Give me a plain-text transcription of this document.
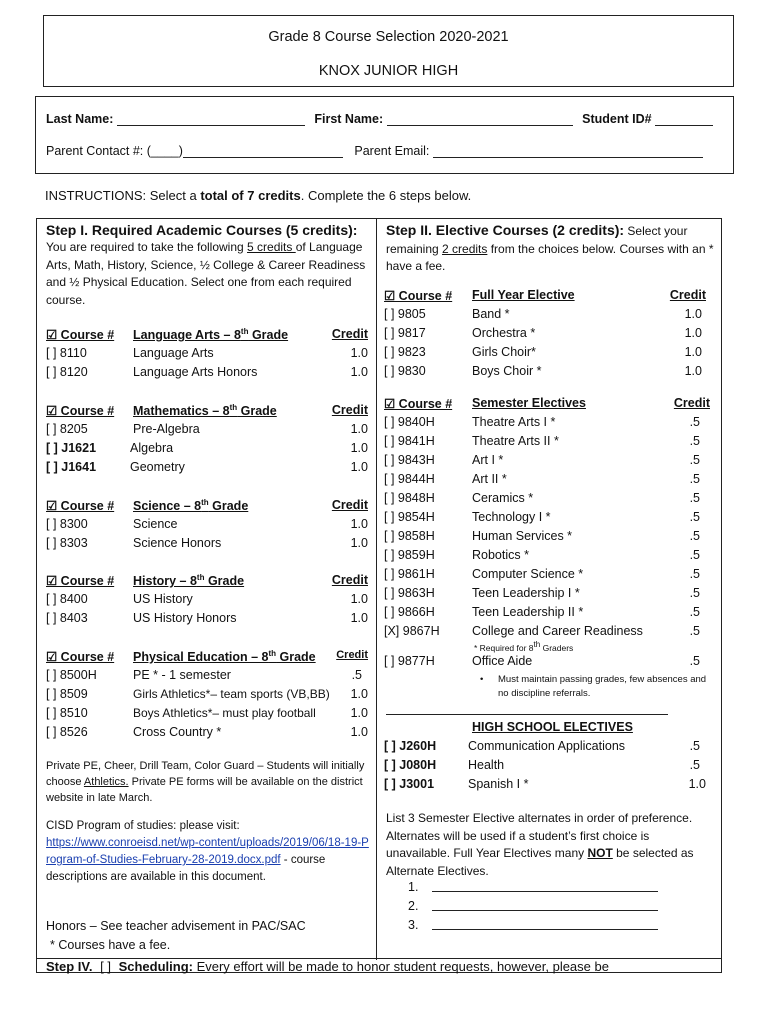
Grade 8 Course Selection 2020-2021
KNOX JUNIOR HIGH
Last Name:	First Name:	Student ID#
Parent Contact #: (____)	Parent Email:
INSTRUCTIONS: Select a total of 7 credits. Complete the 6 steps below.
Step I. Required Academic Courses (5 credits):
You are required to take the following 5 credits of Language Arts, Math, History, Science, ½ College & Career Readiness and ½ Physical Education. Select one from each required course.
☑ Course # Language Arts – 8th Grade	Credit
[ ] 8110	Language Arts	1.0
[ ] 8120	Language Arts Honors	1.0
☑ Course # Mathematics – 8th Grade	Credit
[ ] 8205	Pre-Algebra	1.0
[ ] J1621	Algebra	1.0
[ ] J1641	Geometry	1.0
☑ Course # Science – 8th Grade	Credit
[ ] 8300	Science	1.0
[ ] 8303	Science Honors	1.0
☑ Course # History – 8th Grade	Credit
[ ] 8400	US History	1.0
[ ] 8403	US History Honors	1.0
☑ Course # Physical Education – 8th Grade Credit
[ ] 8500H	PE * - 1 semester	.5
[ ] 8509	Girls Athletics*– team sports (VB,BB) 1.0
[ ] 8510	Boys Athletics*– must play football	1.0
[ ] 8526	Cross Country *	1.0
Private PE, Cheer, Drill Team, Color Guard – Students will initially choose Athletics. Private PE forms will be available on the district website in late March.
CISD Program of studies: please visit:
https://www.conroeisd.net/wp-content/uploads/2019/06/18-19-Program-of-Studies-February-28-2019.docx.pdf - course descriptions are available in this document.
Honors – See teacher advisement in PAC/SAC
* Courses have a fee.
Step II. Elective Courses (2 credits): Select your remaining 2 credits from the choices below. Courses with an * have a fee.
☑ Course # Full Year Elective	Credit
[ ] 9805	Band *	1.0
[ ] 9817	Orchestra *	1.0
[ ] 9823	Girls Choir*	1.0
[ ] 9830	Boys Choir *	1.0
☑ Course # Semester Electives	Credit
[ ] 9840H	Theatre Arts I *	.5
[ ] 9841H	Theatre Arts II *	.5
[ ] 9843H	Art I *	.5
[ ] 9844H	Art II *	.5
[ ] 9848H	Ceramics *	.5
[ ] 9854H	Technology I *	.5
[ ] 9858H	Human Services *	.5
[ ] 9859H	Robotics *	.5
[ ] 9861H	Computer Science *	.5
[ ] 9863H	Teen Leadership I *	.5
[ ] 9866H	Teen Leadership II *	.5
[X] 9867H	College and Career Readiness	.5
* Required for 8th Graders
[ ] 9877H	Office Aide	.5
•	Must maintain passing grades, few absences and no discipline referrals.
HIGH SCHOOL ELECTIVES
[ ] J260H	Communication Applications	.5
[ ] J080H	Health	.5
[ ] J3001	Spanish I *	1.0
List 3 Semester Elective alternates in order of preference. Alternates will be used if a student’s first choice is unavailable. Full Year Electives many NOT be selected as Alternate Electives.
1.
2.
3.
Step IV. [ ] Scheduling: Every effort will be made to honor student requests, however, please be
